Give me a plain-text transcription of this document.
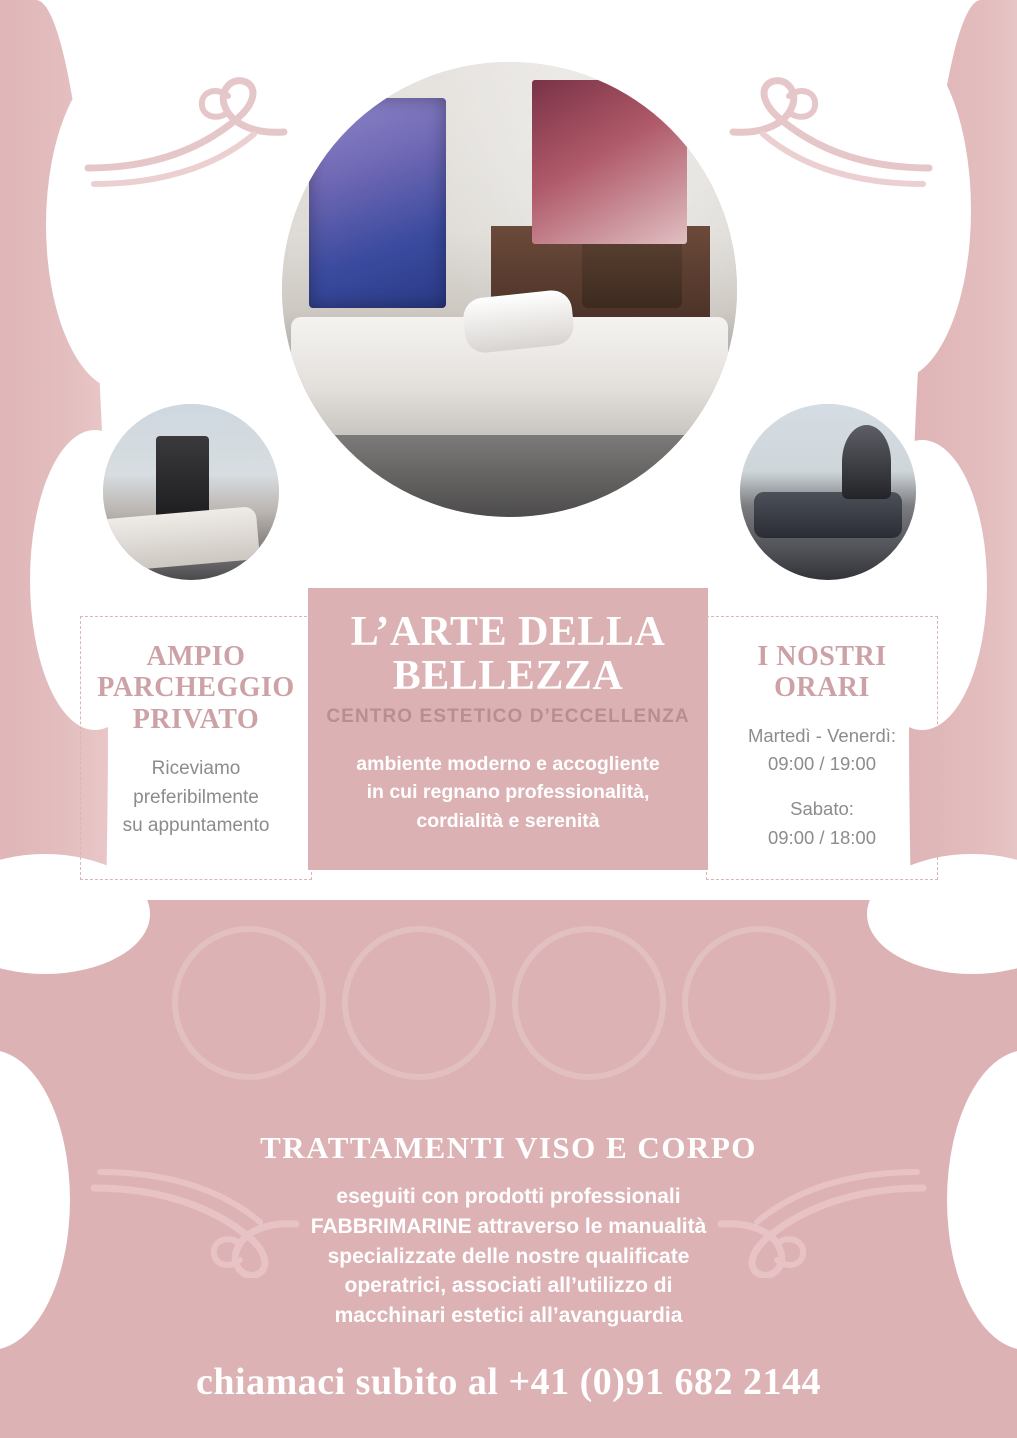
L’ARTE DELLA
BELLEZZA
CENTRO ESTETICO D’ECCELLENZA
ambiente moderno e accogliente
in cui regnano professionalità,
cordialità e serenità
AMPIO
PARCHEGGIO
PRIVATO
Riceviamo
preferibilmente
su appuntamento
I NOSTRI
ORARI
Martedì - Venerdì:
09:00 / 19:00
Sabato:
09:00 / 18:00
TRATTAMENTI VISO E CORPO
eseguiti con prodotti professionali
FABBRIMARINE attraverso le manualità
specializzate delle nostre qualificate
operatrici, associati all’utilizzo di
macchinari estetici all’avanguardia
chiamaci subito al +41 (0)91 682 2144
